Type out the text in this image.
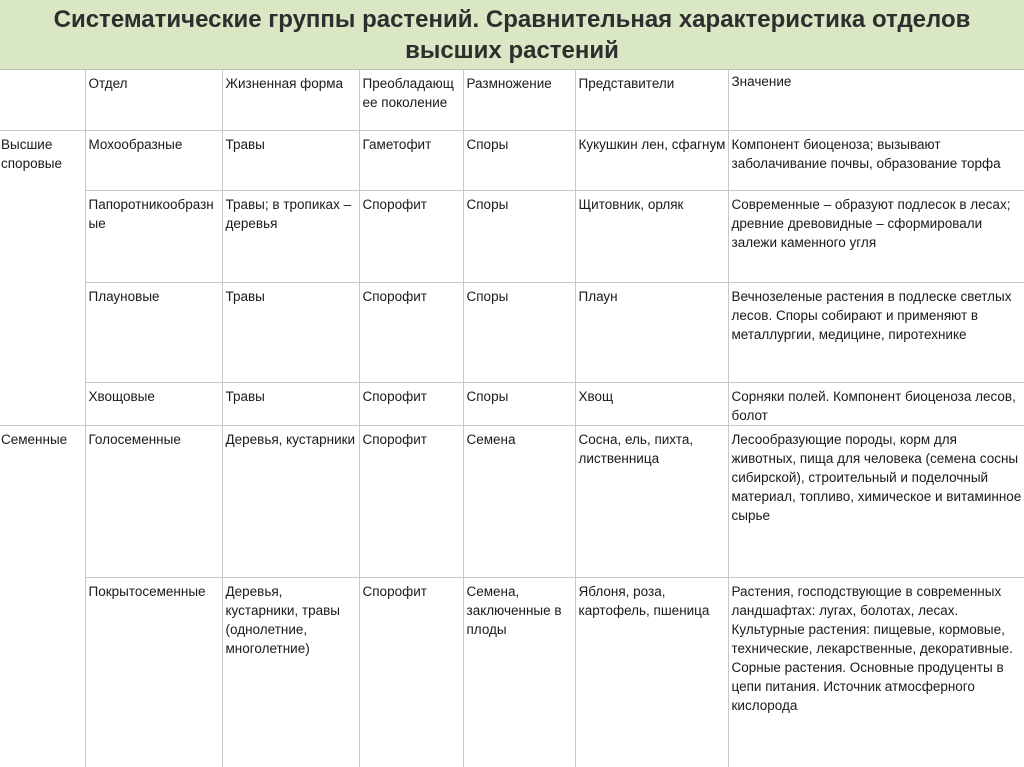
Систематические группы растений. Сравнительная характеристика отделов высших растений
	Отдел	Жизненная форма	Преобладающее поколение	Размножение	Представители	Значение
Высшие споровые	Мохообразные	Травы	Гаметофит	Споры	Кукушкин лен, сфагнум	Компонент биоценоза; вызывают заболачивание почвы, образование торфа
	Папоротникообразные	Травы; в тропиках – деревья	Спорофит	Споры	Щитовник, орляк	Современные – образуют подлесок в лесах; древние древовидные – сформировали залежи каменного угля
	Плауновые	Травы	Спорофит	Споры	Плаун	Вечнозеленые растения в подлеске светлых лесов. Споры собирают и применяют в металлургии, медицине, пиротехнике
	Хвощовые	Травы	Спорофит	Споры	Хвощ	Сорняки полей. Компонент биоценоза лесов, болот
Семенные	Голосеменные	Деревья, кустарники	Спорофит	Семена	Сосна, ель, пихта, лиственница	Лесообразующие породы, корм для животных, пища для человека (семена сосны сибирской), строительный и поделочный материал, топливо, химическое и витаминное сырье
	Покрытосеменные	Деревья, кустарники, травы (однолетние, многолетние)	Спорофит	Семена, заключенные в плоды	Яблоня, роза, картофель, пшеница	Растения, господствующие в современных ландшафтах: лугах, болотах, лесах. Культурные растения: пищевые, кормовые, технические, лекарственные, декоративные. Сорные растения. Основные продуценты в цепи питания. Источник атмосферного кислорода
